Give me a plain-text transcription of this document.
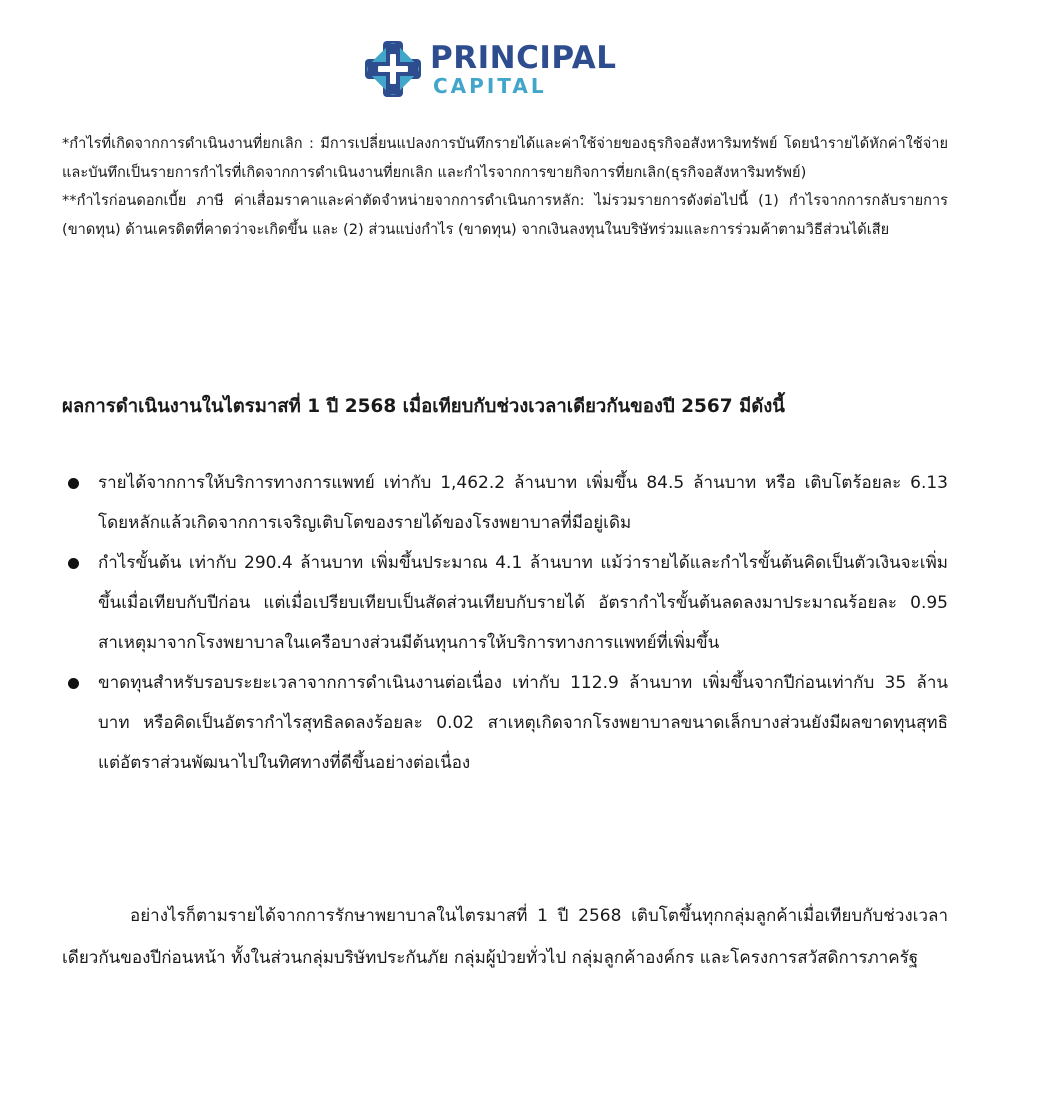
PRINCIPAL
CAPITAL

*กำไรที่เกิดจากการดำเนินงานที่ยกเลิก : มีการเปลี่ยนแปลงการบันทึกรายได้และค่าใช้จ่ายของธุรกิจอสังหาริมทรัพย์ โดยนำรายได้หักค่าใช้จ่ายและบันทึกเป็นรายการกำไรที่เกิดจากการดำเนินงานที่ยกเลิก และกำไรจากการขายกิจการที่ยกเลิก(ธุรกิจอสังหาริมทรัพย์)

**กำไรก่อนดอกเบี้ย ภาษี ค่าเสื่อมราคาและค่าตัดจำหน่ายจากการดำเนินการหลัก: ไม่รวมรายการดังต่อไปนี้ (1) กำไรจากการกลับรายการ (ขาดทุน) ด้านเครดิตที่คาดว่าจะเกิดขึ้น และ (2) ส่วนแบ่งกำไร (ขาดทุน) จากเงินลงทุนในบริษัทร่วมและการร่วมค้าตามวิธีส่วนได้เสีย

ผลการดำเนินงานในไตรมาสที่ 1 ปี 2568 เมื่อเทียบกับช่วงเวลาเดียวกันของปี 2567 มีดังนี้
รายได้จากการให้บริการทางการแพทย์ เท่ากับ 1,462.2 ล้านบาท เพิ่มขึ้น 84.5 ล้านบาท หรือ เติบโตร้อยละ 6.13 โดยหลักแล้วเกิดจากการเจริญเติบโตของรายได้ของโรงพยาบาลที่มีอยู่เดิม
กำไรขั้นต้น เท่ากับ 290.4 ล้านบาท เพิ่มขึ้นประมาณ 4.1 ล้านบาท แม้ว่ารายได้และกำไรขั้นต้นคิดเป็นตัวเงินจะเพิ่มขึ้นเมื่อเทียบกับปีก่อน แต่เมื่อเปรียบเทียบเป็นสัดส่วนเทียบกับรายได้ อัตรากำไรขั้นต้นลดลงมาประมาณร้อยละ 0.95 สาเหตุมาจากโรงพยาบาลในเครือบางส่วนมีต้นทุนการให้บริการทางการแพทย์ที่เพิ่มขึ้น
ขาดทุนสำหรับรอบระยะเวลาจากการดำเนินงานต่อเนื่อง เท่ากับ 112.9 ล้านบาท เพิ่มขึ้นจากปีก่อนเท่ากับ 35 ล้านบาท หรือคิดเป็นอัตรากำไรสุทธิลดลงร้อยละ 0.02 สาเหตุเกิดจากโรงพยาบาลขนาดเล็กบางส่วนยังมีผลขาดทุนสุทธิ แต่อัตราส่วนพัฒนาไปในทิศทางที่ดีขึ้นอย่างต่อเนื่อง

อย่างไรก็ตามรายได้จากการรักษาพยาบาลในไตรมาสที่ 1 ปี 2568 เติบโตขึ้นทุกกลุ่มลูกค้าเมื่อเทียบกับช่วงเวลาเดียวกันของปีก่อนหน้า ทั้งในส่วนกลุ่มบริษัทประกันภัย กลุ่มผู้ป่วยทั่วไป กลุ่มลูกค้าองค์กร และโครงการสวัสดิการภาครัฐ
